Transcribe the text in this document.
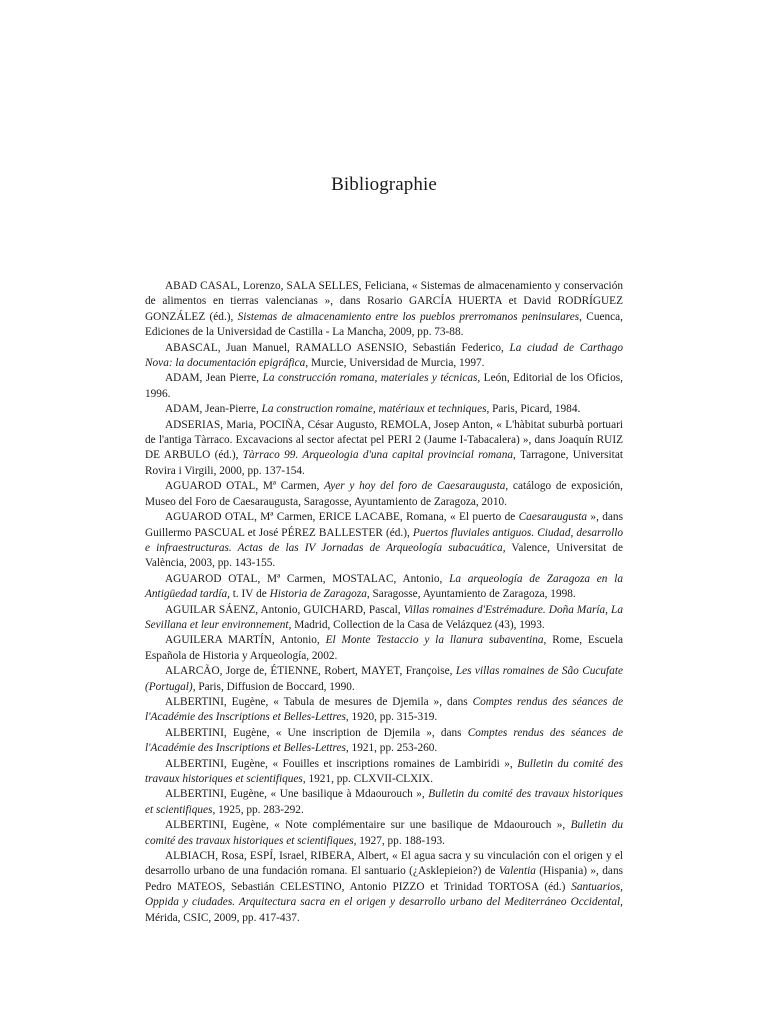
Bibliographie

ABAD CASAL, Lorenzo, SALA SELLES, Feliciana, « Sistemas de almacenamiento y conservación de alimentos en tierras valencianas », dans Rosario GARCÍA HUERTA et David RODRÍGUEZ GONZÁLEZ (éd.), Sistemas de almacenamiento entre los pueblos prerromanos peninsulares, Cuenca, Ediciones de la Universidad de Castilla - La Mancha, 2009, pp. 73-88.

ABASCAL, Juan Manuel, RAMALLO ASENSIO, Sebastián Federico, La ciudad de Carthago Nova: la documentación epigráfica, Murcie, Universidad de Murcia, 1997.

ADAM, Jean Pierre, La construcción romana, materiales y técnicas, León, Editorial de los Oficios, 1996.

ADAM, Jean-Pierre, La construction romaine, matériaux et techniques, Paris, Picard, 1984.

ADSERIAS, Maria, POCIÑA, César Augusto, REMOLA, Josep Anton, « L'hàbitat suburbà portuari de l'antiga Tàrraco. Excavacions al sector afectat pel PERI 2 (Jaume I-Tabacalera) », dans Joaquín RUIZ DE ARBULO (éd.), Tàrraco 99. Arqueologia d'una capital provincial romana, Tarragone, Universitat Rovira i Virgili, 2000, pp. 137-154.

AGUAROD OTAL, Mª Carmen, Ayer y hoy del foro de Caesaraugusta, catálogo de exposición, Museo del Foro de Caesaraugusta, Saragosse, Ayuntamiento de Zaragoza, 2010.

AGUAROD OTAL, Mª Carmen, ERICE LACABE, Romana, « El puerto de Caesaraugusta », dans Guillermo PASCUAL et José PÉREZ BALLESTER (éd.), Puertos fluviales antiguos. Ciudad, desarrollo e infraestructuras. Actas de las IV Jornadas de Arqueología subacuática, Valence, Universitat de València, 2003, pp. 143-155.

AGUAROD OTAL, Mª Carmen, MOSTALAC, Antonio, La arqueología de Zaragoza en la Antigüedad tardía, t. IV de Historia de Zaragoza, Saragosse, Ayuntamiento de Zaragoza, 1998.

AGUILAR SÁENZ, Antonio, GUICHARD, Pascal, Villas romaines d'Estrémadure. Doña María, La Sevillana et leur environnement, Madrid, Collection de la Casa de Velázquez (43), 1993.

AGUILERA MARTÍN, Antonio, El Monte Testaccio y la llanura subaventina, Rome, Escuela Española de Historia y Arqueología, 2002.

ALARCÃO, Jorge de, ÉTIENNE, Robert, MAYET, Françoise, Les villas romaines de São Cucufate (Portugal), Paris, Diffusion de Boccard, 1990.

ALBERTINI, Eugène, « Tabula de mesures de Djemila », dans Comptes rendus des séances de l'Académie des Inscriptions et Belles-Lettres, 1920, pp. 315-319.

ALBERTINI, Eugène, « Une inscription de Djemila », dans Comptes rendus des séances de l'Académie des Inscriptions et Belles-Lettres, 1921, pp. 253-260.

ALBERTINI, Eugène, « Fouilles et inscriptions romaines de Lambiridi », Bulletin du comité des travaux historiques et scientifiques, 1921, pp. CLXVII-CLXIX.

ALBERTINI, Eugène, « Une basilique à Mdaourouch », Bulletin du comité des travaux historiques et scientifiques, 1925, pp. 283-292.

ALBERTINI, Eugène, « Note complémentaire sur une basilique de Mdaourouch », Bulletin du comité des travaux historiques et scientifiques, 1927, pp. 188-193.

ALBIACH, Rosa, ESPÍ, Israel, RIBERA, Albert, « El agua sacra y su vinculación con el origen y el desarrollo urbano de una fundación romana. El santuario (¿Asklepieion?) de Valentia (Hispania) », dans Pedro MATEOS, Sebastián CELESTINO, Antonio PIZZO et Trinidad TORTOSA (éd.) Santuarios, Oppida y ciudades. Arquitectura sacra en el origen y desarrollo urbano del Mediterráneo Occidental, Mérida, CSIC, 2009, pp. 417-437.
